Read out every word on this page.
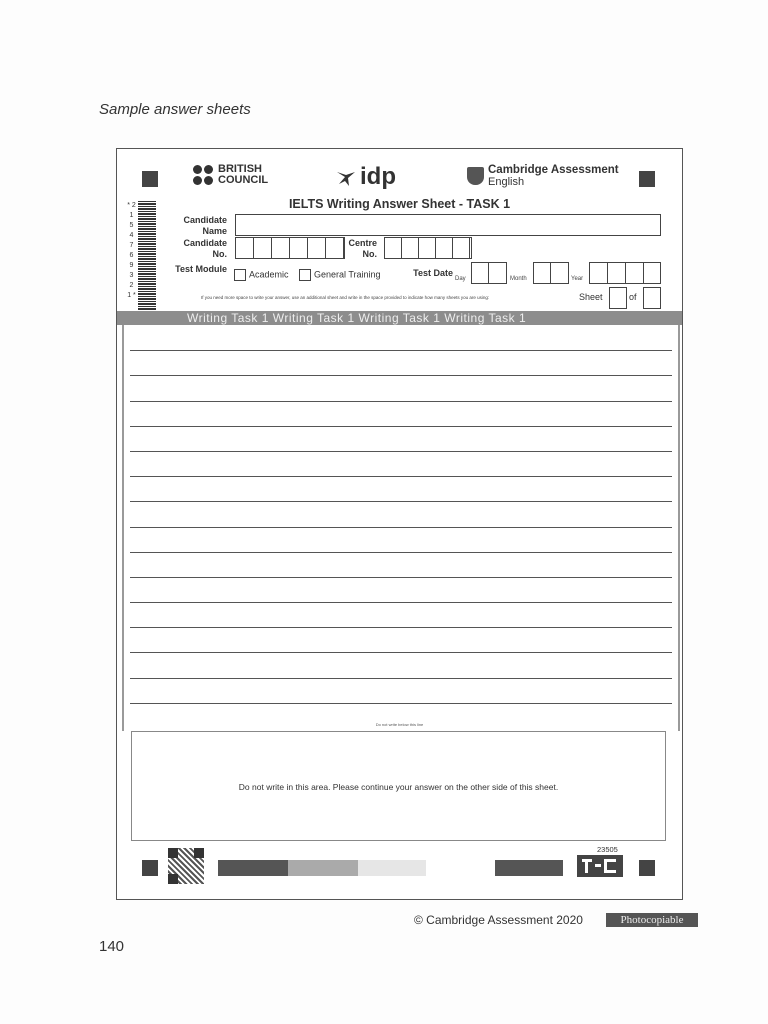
Sample answer sheets
BRITISH
COUNCIL	idp	Cambridge Assessment
English
IELTS Writing Answer Sheet - TASK 1
* 2 1 5 4 7 6 9 3 2 1 *
Candidate Name
Candidate No.
Centre No.
Test Module
Academic	General Training	Test Date
Day	Month	Year
If you need more space to write your answer, use an additional sheet and write in the space provided to indicate how many sheets you are using:	Sheet	of
Writing Task 1 Writing Task 1 Writing Task 1 Writing Task 1
Do not write below this line
Do not write in this area. Please continue your answer on the other side of this sheet.
23505
© Cambridge Assessment 2020	Photocopiable
140
